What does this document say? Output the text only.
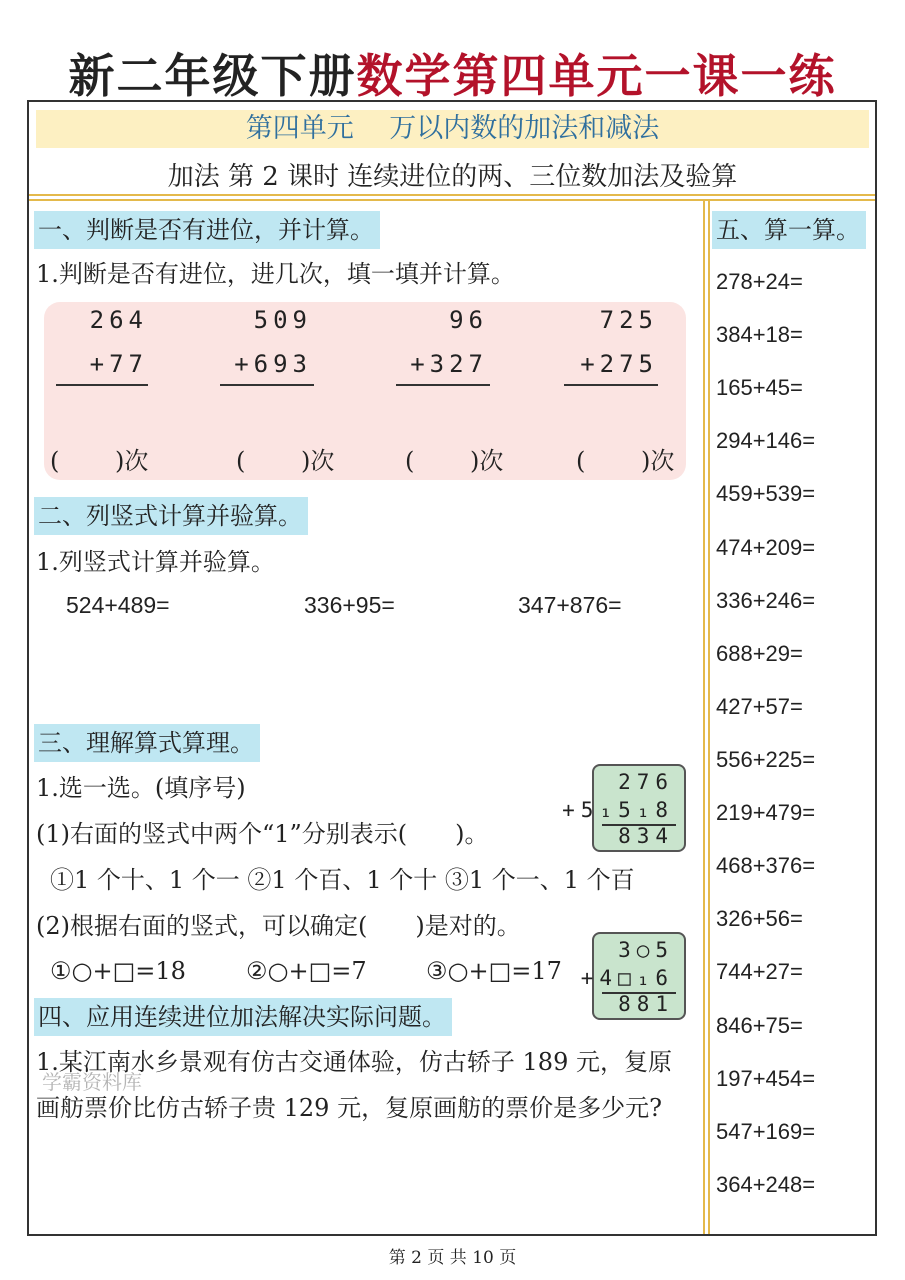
新二年级下册数学第四单元一课一练
第四单元　 万以内数的加法和减法
加法 第 2 课时 连续进位的两、三位数加法及验算
一、判断是否有进位，并计算。
1.判断是否有进位，进几次，填一填并计算。
264
+77
509
+693
96
+327
725
+275
(　　 )次	(　　 )次	(　　 )次	(　　 )次
二、列竖式计算并验算。
1.列竖式计算并验算。
524+489=	336+95=	347+876=
三、理解算式算理。
1.选一选。(填序号)
(1)右面的竖式中两个“1”分别表示(　　)。
①1 个十、1 个一 ②1 个百、1 个十 ③1 个一、1 个百
(2)根据右面的竖式，可以确定(　　)是对的。
①○+□=18	②○+□=7 ③○+□=17
276
+5₁5₁8
834
3○5
+4□₁6
881
四、应用连续进位加法解决实际问题。
1.某江南水乡景观有仿古交通体验，仿古轿子 189 元，复原
画舫票价比仿古轿子贵 129 元，复原画舫的票价是多少元?
学霸资料库
五、算一算。
278+24=
384+18=
165+45=
294+146=
459+539=
474+209=
336+246=
688+29=
427+57=
556+225=
219+479=
468+376=
326+56=
744+27=
846+75=
197+454=
547+169=
364+248=
第 2 页 共 10 页
